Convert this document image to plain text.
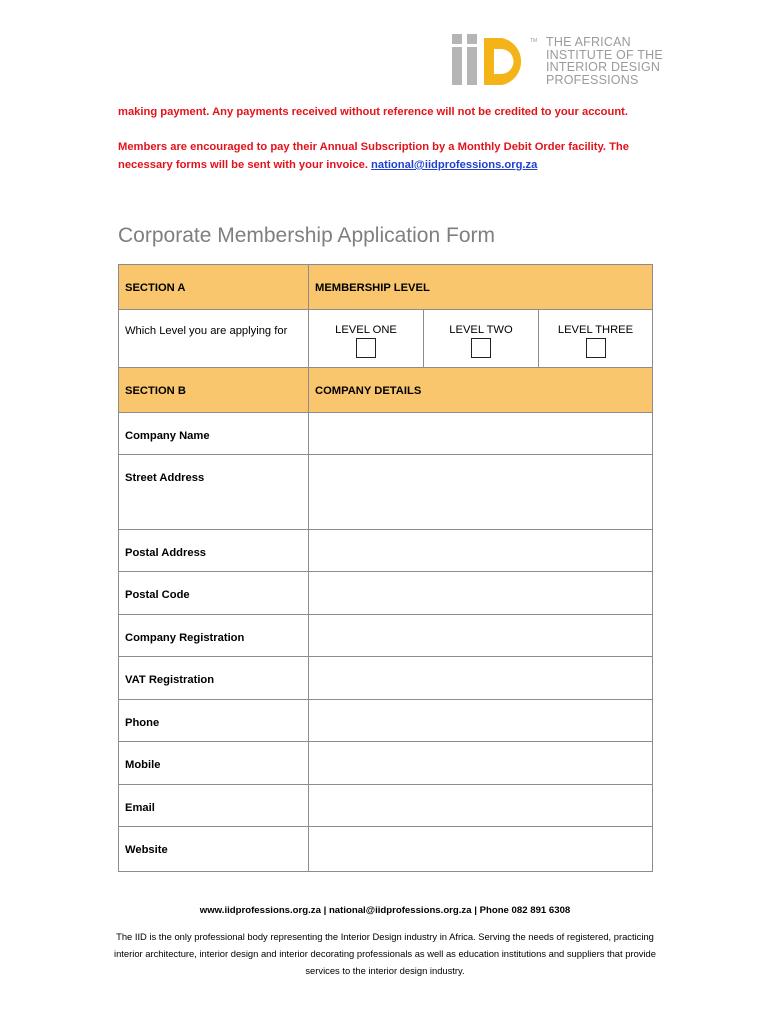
TM THE AFRICAN
INSTITUTE OF THE
INTERIOR DESIGN
PROFESSIONS
making payment. Any payments received without reference will not be credited to your account.
Members are encouraged to pay their Annual Subscription by a Monthly Debit Order facility. The necessary forms will be sent with your invoice. national@iidprofessions.org.za
Corporate Membership Application Form
SECTION A	MEMBERSHIP LEVEL		
Which Level you are applying for	LEVEL ONE	LEVEL TWO	LEVEL THREE

SECTION B	COMPANY DETAILS		
Company Name			
Street Address			
Postal Address			
Postal Code			
Company Registration			
VAT Registration			
Phone			
Mobile			
Email			
Website			
www.iidprofessions.org.za | national@iidprofessions.org.za | Phone 082 891 6308
The IID is the only professional body representing the Interior Design industry in Africa. Serving the needs of registered, practicing interior architecture, interior design and interior decorating professionals as well as education institutions and suppliers that provide services to the interior design industry.
